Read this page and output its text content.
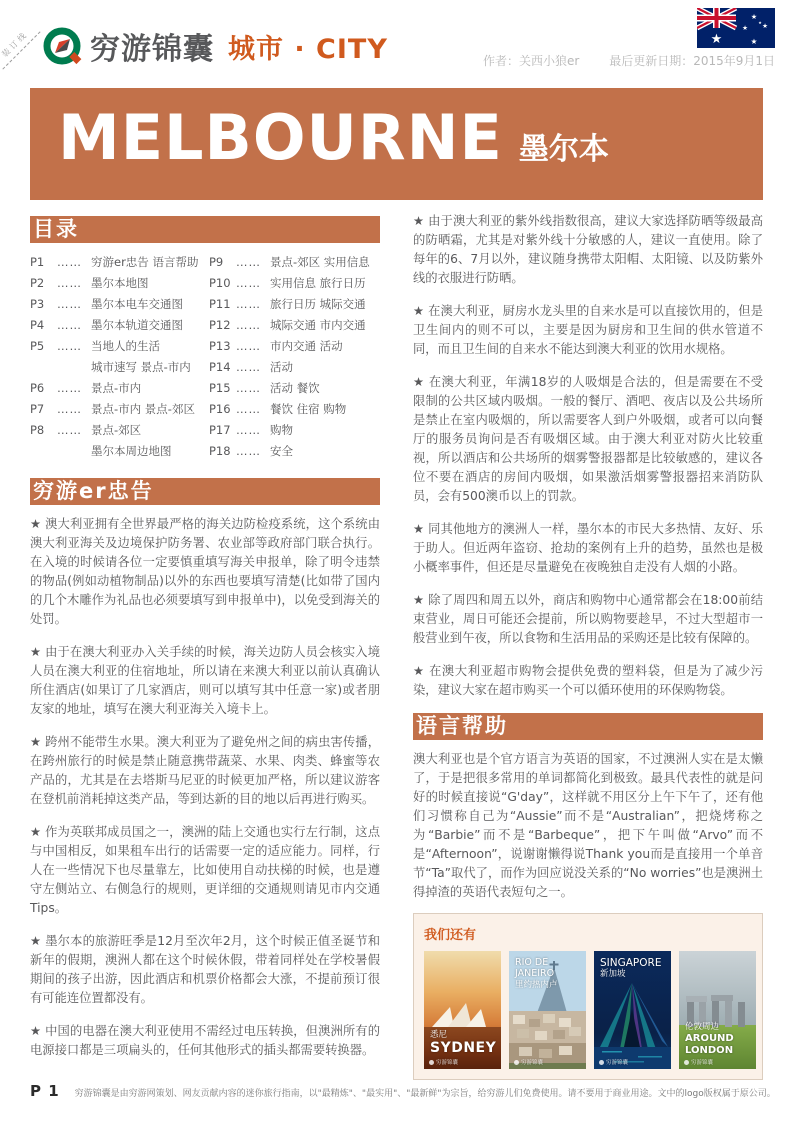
装订线	穷游锦囊 城市 · CITY	★
★
★ ★
★
★
作者：关西小狼er 最后更新日期：2015年9月1日
MELBOURNE 墨尔本
目录
P1	…… 穷游er忠告 语言帮助
P2	…… 墨尔本地图
P3	…… 墨尔本电车交通图
P4	…… 墨尔本轨道交通图
P5	…… 当地人的生活
城市速写 景点-市内
P6	…… 景点-市内
P7	…… 景点-市内 景点-郊区
P8	…… 景点-郊区
墨尔本周边地图
P9	…… 景点-郊区 实用信息
P10 …… 实用信息 旅行日历
P11 …… 旅行日历 城际交通
P12 …… 城际交通 市内交通
P13 …… 市内交通 活动
P14 …… 活动
P15 …… 活动 餐饮
P16 …… 餐饮 住宿 购物
P17 …… 购物
P18 …… 安全
穷游er忠告

★ 澳大利亚拥有全世界最严格的海关边防检疫系统，这个系统由澳大利亚海关及边境保护防务署、农业部等政府部门联合执行。在入境的时候请各位一定要慎重填写海关申报单，除了明令违禁的物品(例如动植物制品)以外的东西也要填写清楚(比如带了国内的几个木雕作为礼品也必须要填写到申报单中)，以免受到海关的处罚。

★ 由于在澳大利亚办入关手续的时候，海关边防人员会核实入境人员在澳大利亚的住宿地址，所以请在来澳大利亚以前认真确认所住酒店(如果订了几家酒店，则可以填写其中任意一家)或者朋友家的地址，填写在澳大利亚海关入境卡上。

★ 跨州不能带生水果。澳大利亚为了避免州之间的病虫害传播，在跨州旅行的时候是禁止随意携带蔬菜、水果、肉类、蜂蜜等农产品的，尤其是在去塔斯马尼亚的时候更加严格，所以建议游客在登机前消耗掉这类产品，等到达新的目的地以后再进行购买。

★ 作为英联邦成员国之一，澳洲的陆上交通也实行左行制，这点与中国相反，如果租车出行的话需要一定的适应能力。同样，行人在一些情况下也尽量靠左，比如使用自动扶梯的时候，也是遵守左侧站立、右侧急行的规则，更详细的交通规则请见市内交通Tips。

★ 墨尔本的旅游旺季是12月至次年2月，这个时候正值圣诞节和新年的假期，澳洲人都在这个时候休假，带着同样处在学校暑假期间的孩子出游，因此酒店和机票价格都会大涨，不提前预订很有可能连位置都没有。

★ 中国的电器在澳大利亚使用不需经过电压转换，但澳洲所有的电源接口都是三项扁头的，任何其他形式的插头都需要转换器。

★ 由于澳大利亚的紫外线指数很高，建议大家选择防晒等级最高的防晒霜，尤其是对紫外线十分敏感的人，建议一直使用。除了每年的6、7月以外，建议随身携带太阳帽、太阳镜、以及防紫外线的衣服进行防晒。

★ 在澳大利亚，厨房水龙头里的自来水是可以直接饮用的，但是卫生间内的则不可以，主要是因为厨房和卫生间的供水管道不同，而且卫生间的自来水不能达到澳大利亚的饮用水规格。

★ 在澳大利亚，年满18岁的人吸烟是合法的，但是需要在不受限制的公共区域内吸烟。一般的餐厅、酒吧、夜店以及公共场所是禁止在室内吸烟的，所以需要客人到户外吸烟，或者可以向餐厅的服务员询问是否有吸烟区域。由于澳大利亚对防火比较重视，所以酒店和公共场所的烟雾警报器都是比较敏感的，建议各位不要在酒店的房间内吸烟，如果激活烟雾警报器招来消防队员，会有500澳币以上的罚款。

★ 同其他地方的澳洲人一样，墨尔本的市民大多热情、友好、乐于助人。但近两年盗窃、抢劫的案例有上升的趋势，虽然也是极小概率事件，但还是尽量避免在夜晚独自走没有人烟的小路。

★ 除了周四和周五以外，商店和购物中心通常都会在18:00前结束营业，周日可能还会提前，所以购物要趁早，不过大型超市一般营业到午夜，所以食物和生活用品的采购还是比较有保障的。

★ 在澳大利亚超市购物会提供免费的塑料袋，但是为了减少污染，建议大家在超市购买一个可以循环使用的环保购物袋。

语言帮助

澳大利亚也是个官方语言为英语的国家，不过澳洲人实在是太懒了，于是把很多常用的单词都简化到极致。最具代表性的就是问好的时候直接说“G'day”，这样就不用区分上午下午了，还有他们习惯称自己为“Aussie”而不是“Australian”，把烧烤称之为“Barbie”而不是“Barbeque”，把下午叫做“Arvo”而不是“Afternoon”，说谢谢懒得说Thank you而是直接用一个单音节“Ta”取代了，而作为回应说没关系的“No worries”也是澳洲土得掉渣的英语代表短句之一。

我们还有
悉尼
SYDNEY
穷游锦囊
RIO DE JANEIRO
里约热内卢
穷游锦囊
SINGAPORE
新加坡
穷游锦囊
伦敦周边
AROUND LONDON
穷游锦囊
P 1 穷游锦囊是由穷游网策划、网友贡献内容的迷你旅行指南，以"最精炼"、"最实用"、"最新鲜"为宗旨，给穷游儿们免费使用。请不要用于商业用途。文中的logo版权属于原公司。
